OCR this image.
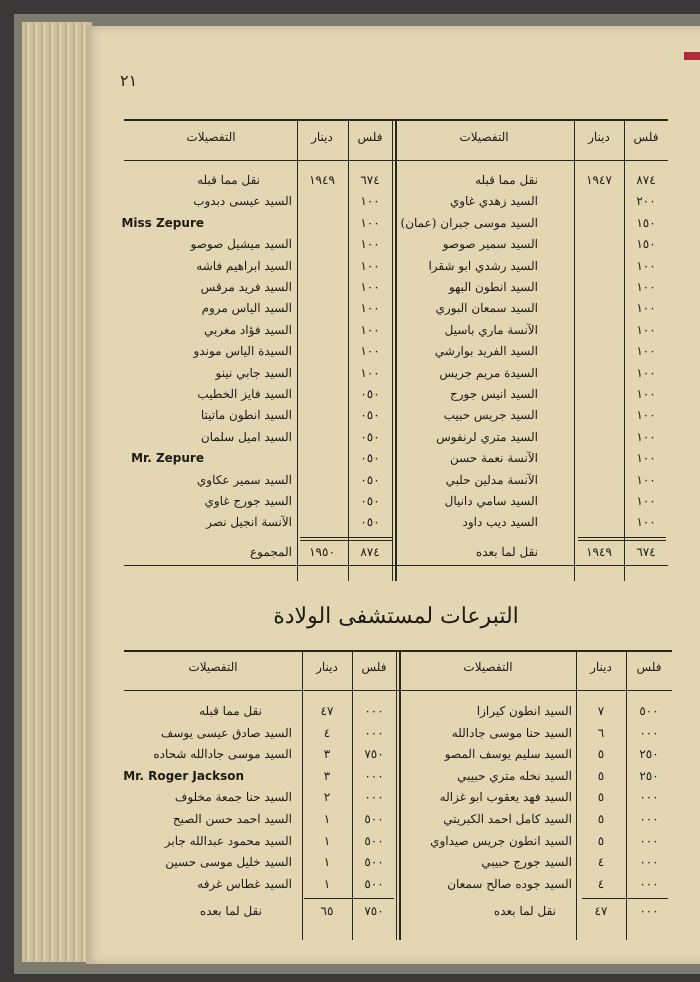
٢١
التبرعات لمستشفى الولادة
فلس
دينار
التفصيلات
فلس
دينار
التفصيلات
نقل مما قبله	١٩٤٧	٨٧٤
السيد زهدي غاوي	٢٠٠
السيد موسى جبران (عمان)	١٥٠
السيد سمير صوصو	١٥٠
السيد رشدي ابو شقرا	١٠٠
السيد انطون البهو	١٠٠
السيد سمعان البوري	١٠٠
الآنسة ماري باسيل	١٠٠
السيد الفريد بوارشي	١٠٠
السيدة مريم جريس	١٠٠
السيد انيس جورج	١٠٠
السيد جريس حبيب	١٠٠
السيد متري لرنفوس	١٠٠
الآنسة نعمة حسن	١٠٠
الآنسة مدلين حلبي	١٠٠
السيد سامي دانيال	١٠٠
السيد ديب داود	١٠٠
نقل لما بعده	١٩٤٩	٦٧٤
نقل مما قبله	١٩٤٩	٦٧٤
السيد عيسى دبدوب	١٠٠
Miss Zepure	١٠٠
السيد ميشيل صوصو	١٠٠
السيد ابراهيم فاشه	١٠٠
السيد فريد مرقس	١٠٠
السيد الياس مروم	١٠٠
السيد فؤاد مغربي	١٠٠
السيدة الياس موندو	١٠٠
السيد جابي نينو	١٠٠
السيد فايز الخطيب	٠٥٠
السيد انطون ماتيتا	٠٥٠
السيد اميل سلمان	٠٥٠
Mr. Zepure	٠٥٠
السيد سمير عكاوي	٠٥٠
السيد جورج غاوي	٠٥٠
الآنسة انجيل نصر	٠٥٠
المجموع	١٩٥٠	٨٧٤
فلس
دينار
التفصيلات
فلس
دينار
التفصيلات
السيد انطون كيرازا	٧	٥٠٠
السيد حنا موسى جادالله	٦	٠٠٠
السيد سليم يوسف المصو	٥	٢٥٠
السيد نخله متري حبيبي	٥	٢٥٠
السيد فهد يعقوب ابو غزاله	٥	٠٠٠
السيد كامل احمد الكبريتي	٥	٠٠٠
السيد انطون جريس صيداوي	٥	٠٠٠
السيد جورج حبيبي	٤	٠٠٠
السيد جوده صالح سمعان	٤	٠٠٠
نقل لما بعده	٤٧	٠٠٠
نقل مما قبله	٤٧	٠٠٠
السيد صادق عيسى يوسف	٤	٠٠٠
السيد موسى جادالله شحاده	٣	٧٥٠
Mr. Roger Jackson	٣	٠٠٠
السيد حنا جمعة مخلوف	٢	٠٠٠
السيد احمد حسن الصبح	١	٥٠٠
السيد محمود عبدالله جابر	١	٥٠٠
السيد خليل موسى حسين	١	٥٠٠
السيد غطاس غرفه	١	٥٠٠
نقل لما بعده	٦٥	٧٥٠
